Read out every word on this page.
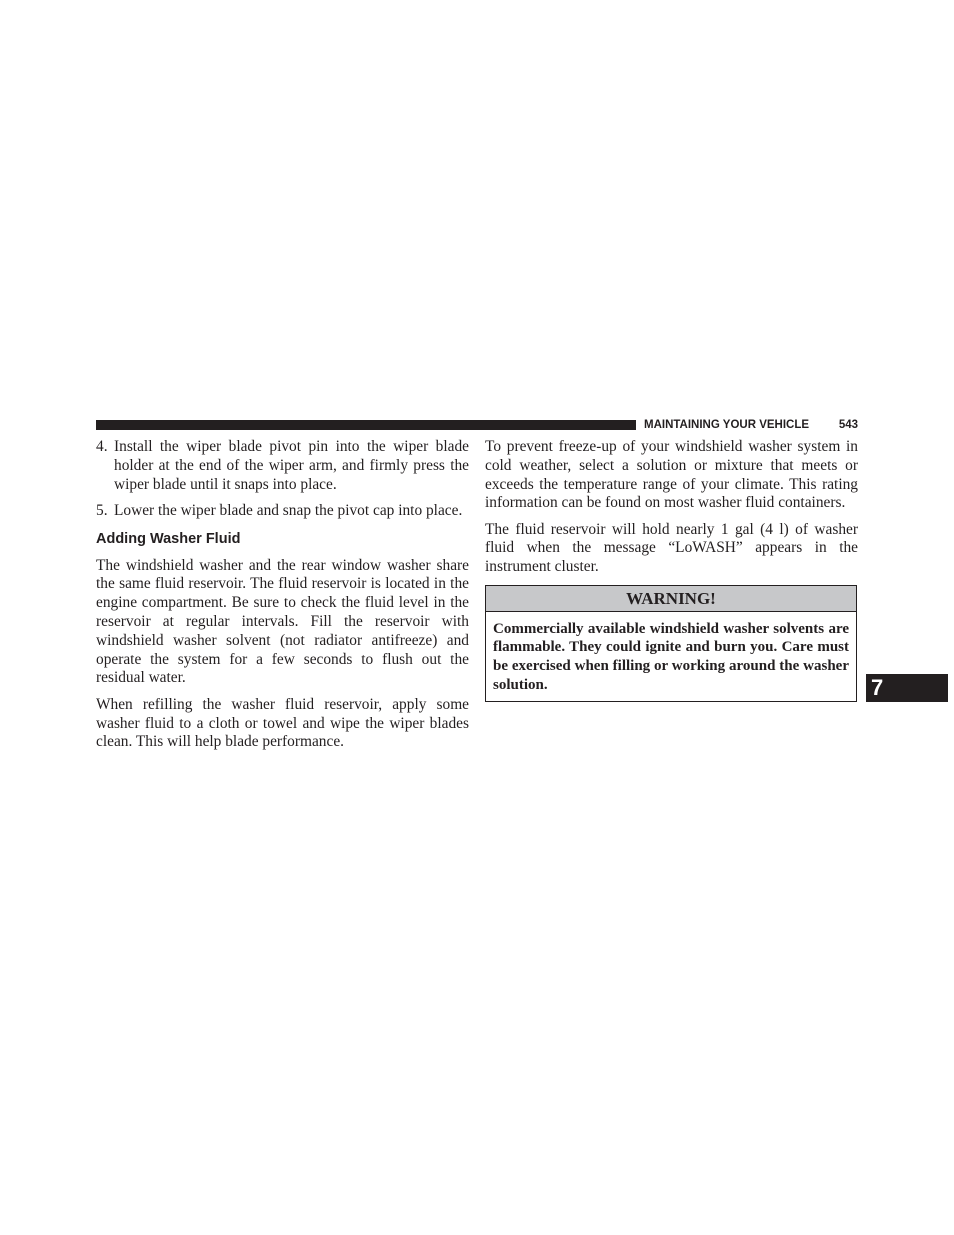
MAINTAINING YOUR VEHICLE	543
4. Install the wiper blade pivot pin into the wiper blade holder at the end of the wiper arm, and firmly press the wiper blade until it snaps into place.
5. Lower the wiper blade and snap the pivot cap into place.
Adding Washer Fluid

The windshield washer and the rear window washer share the same fluid reservoir. The fluid reservoir is located in the engine compartment. Be sure to check the fluid level in the reservoir at regular intervals. Fill the reservoir with windshield washer solvent (not radiator antifreeze) and operate the system for a few seconds to flush out the residual water.

When refilling the washer fluid reservoir, apply some washer fluid to a cloth or towel and wipe the wiper blades clean. This will help blade performance.

To prevent freeze-up of your windshield washer system in cold weather, select a solution or mixture that meets or exceeds the temperature range of your climate. This rating information can be found on most washer fluid containers.

The fluid reservoir will hold nearly 1 gal (4 l) of washer fluid when the message “LoWASH” appears in the instrument cluster.

WARNING!
Commercially available windshield washer solvents are flammable. They could ignite and burn you. Care must be exercised when filling or working around the washer solution.	7
